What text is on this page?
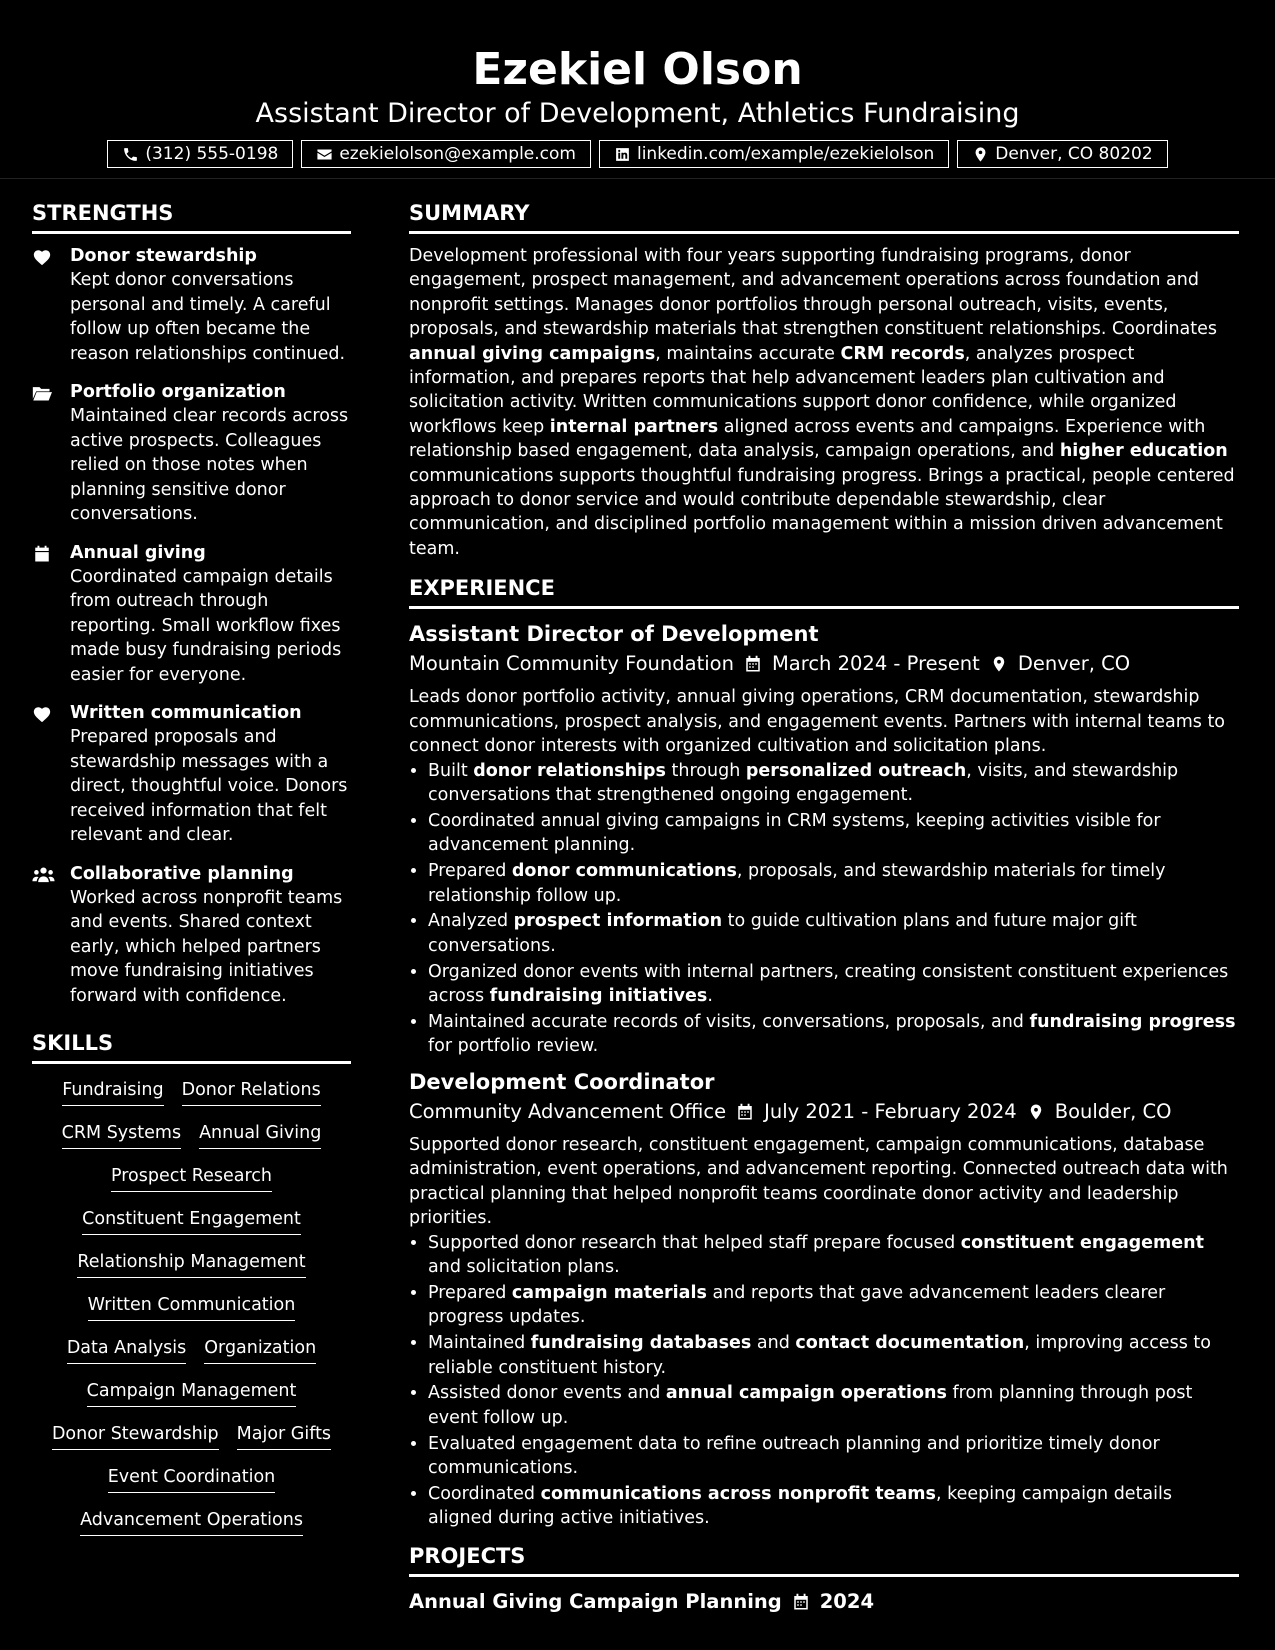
Ezekiel Olson
Assistant Director of Development, Athletics Fundraising
(312) 555-0198	ezekielolson@example.com	linkedin.com/example/ezekielolson	Denver, CO 80202
STRENGTHS
Donor stewardship
Kept donor conversations personal and timely. A careful follow up often became the reason relationships continued.
Portfolio organization
Maintained clear records across active prospects. Colleagues relied on those notes when planning sensitive donor conversations.
Annual giving
Coordinated campaign details from outreach through reporting. Small workflow fixes made busy fundraising periods easier for everyone.
Written communication
Prepared proposals and stewardship messages with a direct, thoughtful voice. Donors received information that felt relevant and clear.
Collaborative planning
Worked across nonprofit teams and events. Shared context early, which helped partners move fundraising initiatives forward with confidence.
SKILLS
Fundraising Donor Relations
CRM Systems Annual Giving
Prospect Research
Constituent Engagement
Relationship Management
Written Communication
Data Analysis Organization
Campaign Management
Donor Stewardship Major Gifts
Event Coordination
Advancement Operations
SUMMARY
Development professional with four years supporting fundraising programs, donor engagement, prospect management, and advancement operations across foundation and nonprofit settings. Manages donor portfolios through personal outreach, visits, events, proposals, and stewardship materials that strengthen constituent relationships. Coordinates annual giving campaigns, maintains accurate CRM records, analyzes prospect information, and prepares reports that help advancement leaders plan cultivation and solicitation activity. Written communications support donor confidence, while organized workflows keep internal partners aligned across events and campaigns. Experience with relationship based engagement, data analysis, campaign operations, and higher education communications supports thoughtful fundraising progress. Brings a practical, people centered approach to donor service and would contribute dependable stewardship, clear communication, and disciplined portfolio management within a mission driven advancement team.
EXPERIENCE
Assistant Director of Development
Mountain Community Foundation March 2024 - Present Denver, CO
Leads donor portfolio activity, annual giving operations, CRM documentation, stewardship communications, prospect analysis, and engagement events. Partners with internal teams to connect donor interests with organized cultivation and solicitation plans.
• Built donor relationships through personalized outreach, visits, and stewardship conversations that strengthened ongoing engagement.
• Coordinated annual giving campaigns in CRM systems, keeping activities visible for advancement planning.
• Prepared donor communications, proposals, and stewardship materials for timely relationship follow up.
• Analyzed prospect information to guide cultivation plans and future major gift conversations.
• Organized donor events with internal partners, creating consistent constituent experiences across fundraising initiatives.
• Maintained accurate records of visits, conversations, proposals, and fundraising progress for portfolio review.
Development Coordinator
Community Advancement Office July 2021 - February 2024 Boulder, CO
Supported donor research, constituent engagement, campaign communications, database administration, event operations, and advancement reporting. Connected outreach data with practical planning that helped nonprofit teams coordinate donor activity and leadership priorities.
• Supported donor research that helped staff prepare focused constituent engagement and solicitation plans.
• Prepared campaign materials and reports that gave advancement leaders clearer progress updates.
• Maintained fundraising databases and contact documentation, improving access to reliable constituent history.
• Assisted donor events and annual campaign operations from planning through post event follow up.
• Evaluated engagement data to refine outreach planning and prioritize timely donor communications.
• Coordinated communications across nonprofit teams, keeping campaign details aligned during active initiatives.
PROJECTS
Annual Giving Campaign Planning 2024
